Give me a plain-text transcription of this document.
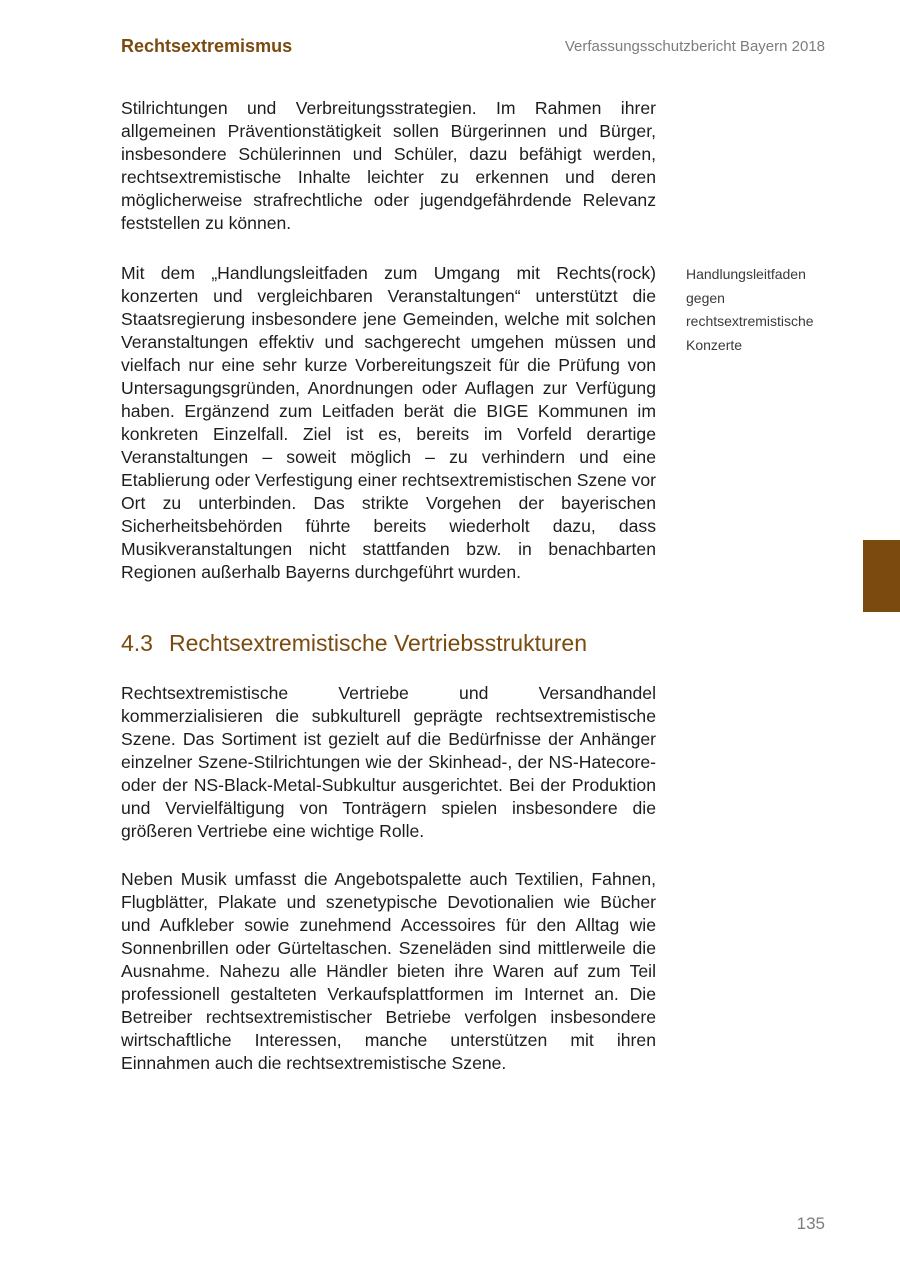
Rechtsextremismus	Verfassungsschutzbericht Bayern 2018

Stilrichtungen und Verbreitungsstrategien. Im Rahmen ihrer allgemeinen Präventionstätigkeit sollen Bürgerinnen und Bürger, insbesondere Schülerinnen und Schüler, dazu befähigt werden, rechtsextremistische Inhalte leichter zu erkennen und deren möglicherweise strafrechtliche oder jugendgefährdende Relevanz feststellen zu können.

Mit dem „Handlungsleitfaden zum Umgang mit Rechts(rock) konzerten und vergleichbaren Veranstaltungen“ unterstützt die Staatsregierung insbesondere jene Gemeinden, welche mit solchen Veranstaltungen effektiv und sachgerecht umgehen müssen und vielfach nur eine sehr kurze Vorbereitungszeit für die Prüfung von Untersagungsgründen, Anordnungen oder Auflagen zur Verfügung haben. Ergänzend zum Leitfaden berät die BIGE Kommunen im konkreten Einzelfall. Ziel ist es, bereits im Vorfeld derartige Veranstaltungen – soweit möglich – zu verhindern und eine Etablierung oder Verfestigung einer rechtsextremistischen Szene vor Ort zu unterbinden. Das strikte Vorgehen der bayerischen Sicherheitsbehörden führte bereits wiederholt dazu, dass Musikveranstaltungen nicht stattfanden bzw. in benachbarten Regionen außerhalb Bayerns durchgeführt wurden.

Handlungsleitfaden gegen rechtsextremistische Konzerte
4.3 Rechtsextremistische Vertriebsstrukturen

Rechtsextremistische Vertriebe und Versandhandel kommerzialisieren die subkulturell geprägte rechtsextremistische Szene. Das Sortiment ist gezielt auf die Bedürfnisse der Anhänger einzelner Szene-Stilrichtungen wie der Skinhead-, der NS-Hatecore- oder der NS-Black-Metal-Subkultur ausgerichtet. Bei der Produktion und Vervielfältigung von Tonträgern spielen insbesondere die größeren Vertriebe eine wichtige Rolle.

Neben Musik umfasst die Angebotspalette auch Textilien, Fahnen, Flugblätter, Plakate und szenetypische Devotionalien wie Bücher und Aufkleber sowie zunehmend Accessoires für den Alltag wie Sonnenbrillen oder Gürteltaschen. Szeneläden sind mittlerweile die Ausnahme. Nahezu alle Händler bieten ihre Waren auf zum Teil professionell gestalteten Verkaufsplattformen im Internet an. Die Betreiber rechtsextremistischer Betriebe verfolgen insbesondere wirtschaftliche Interessen, manche unterstützen mit ihren Einnahmen auch die rechtsextremistische Szene.

135
